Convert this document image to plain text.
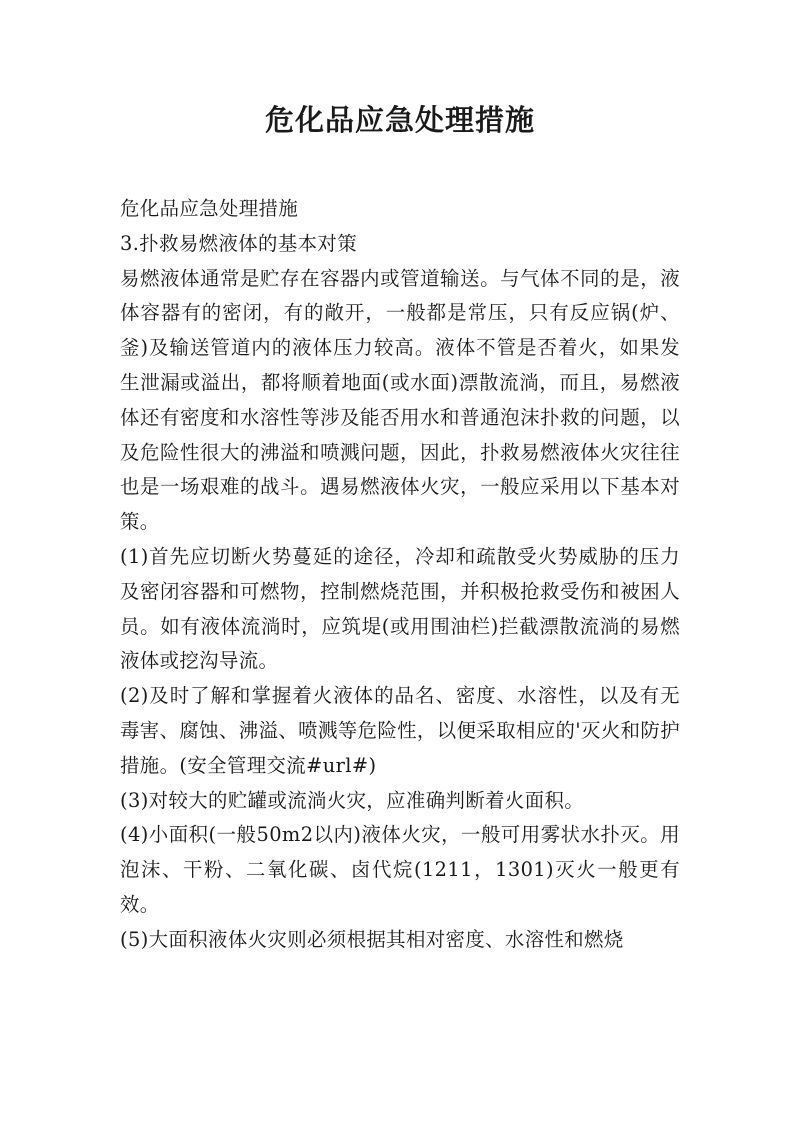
危化品应急处理措施

危化品应急处理措施

3.扑救易燃液体的基本对策

易燃液体通常是贮存在容器内或管道输送。与气体不同的是，液体容器有的密闭，有的敞开，一般都是常压，只有反应锅(炉、釜)及输送管道内的液体压力较高。液体不管是否着火，如果发生泄漏或溢出，都将顺着地面(或水面)漂散流淌，而且，易燃液体还有密度和水溶性等涉及能否用水和普通泡沫扑救的问题，以及危险性很大的沸溢和喷溅问题，因此，扑救易燃液体火灾往往也是一场艰难的战斗。遇易燃液体火灾，一般应采用以下基本对策。

(1)首先应切断火势蔓延的途径，冷却和疏散受火势威胁的压力及密闭容器和可燃物，控制燃烧范围，并积极抢救受伤和被困人员。如有液体流淌时，应筑堤(或用围油栏)拦截漂散流淌的易燃液体或挖沟导流。

(2)及时了解和掌握着火液体的品名、密度、水溶性，以及有无毒害、腐蚀、沸溢、喷溅等危险性，以便采取相应的'灭火和防护措施。(安全管理交流#url#)

(3)对较大的贮罐或流淌火灾，应准确判断着火面积。

(4)小面积(一般50m2以内)液体火灾，一般可用雾状水扑灭。用泡沫、干粉、二氧化碳、卤代烷(1211，1301)灭火一般更有效。

(5)大面积液体火灾则必须根据其相对密度、水溶性和燃烧
